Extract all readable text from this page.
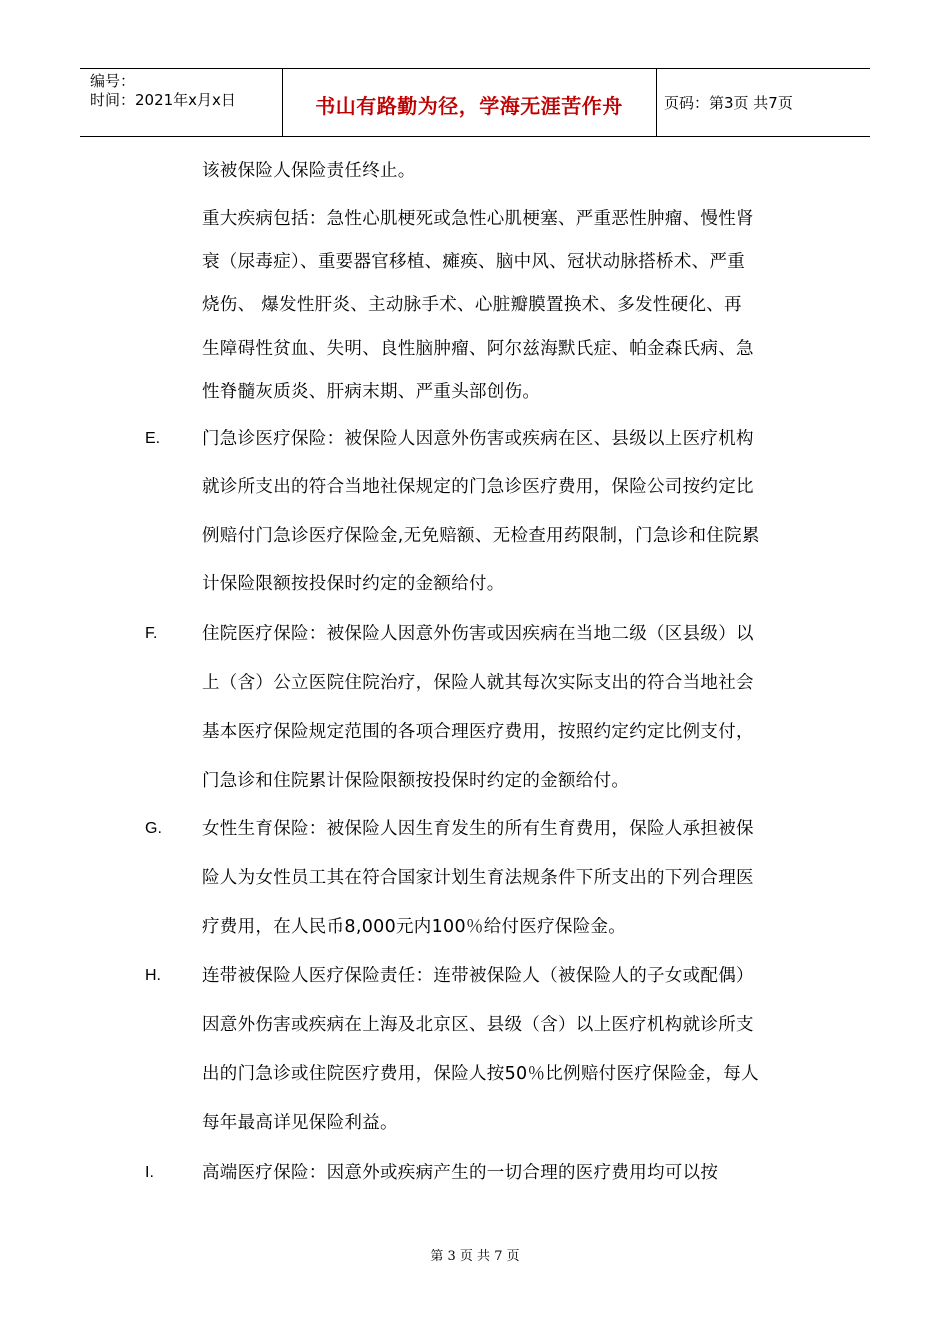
编号：
时间：2021年x月x日	书山有路勤为径，学海无涯苦作舟	页码：第3页 共7页
该被保险人保险责任终止。
重大疾病包括：急性心肌梗死或急性心肌梗塞、严重恶性肿瘤、慢性肾
衰（尿毒症）、重要器官移植、瘫痪、脑中风、冠状动脉搭桥术、严重
烧伤、 爆发性肝炎、主动脉手术、心脏瓣膜置换术、多发性硬化、再
生障碍性贫血、失明、良性脑肿瘤、阿尔兹海默氏症、帕金森氏病、急
性脊髓灰质炎、肝病末期、严重头部创伤。
E. 门急诊医疗保险：被保险人因意外伤害或疾病在区、县级以上医疗机构
就诊所支出的符合当地社保规定的门急诊医疗费用，保险公司按约定比
例赔付门急诊医疗保险金,无免赔额、无检查用药限制，门急诊和住院累
计保险限额按投保时约定的金额给付。
F.	住院医疗保险：被保险人因意外伤害或因疾病在当地二级（区县级）以
上（含）公立医院住院治疗，保险人就其每次实际支出的符合当地社会
基本医疗保险规定范围的各项合理医疗费用，按照约定约定比例支付，
门急诊和住院累计保险限额按投保时约定的金额给付。
G. 女性生育保险：被保险人因生育发生的所有生育费用，保险人承担被保
险人为女性员工其在符合国家计划生育法规条件下所支出的下列合理医
疗费用，在人民币8,000元内100％给付医疗保险金。
H. 连带被保险人医疗保险责任：连带被保险人（被保险人的子女或配偶）
因意外伤害或疾病在上海及北京区、县级（含）以上医疗机构就诊所支
出的门急诊或住院医疗费用，保险人按50％比例赔付医疗保险金，每人
每年最高详见保险利益。
I.	高端医疗保险：因意外或疾病产生的一切合理的医疗费用均可以按
第 3 页 共 7 页
